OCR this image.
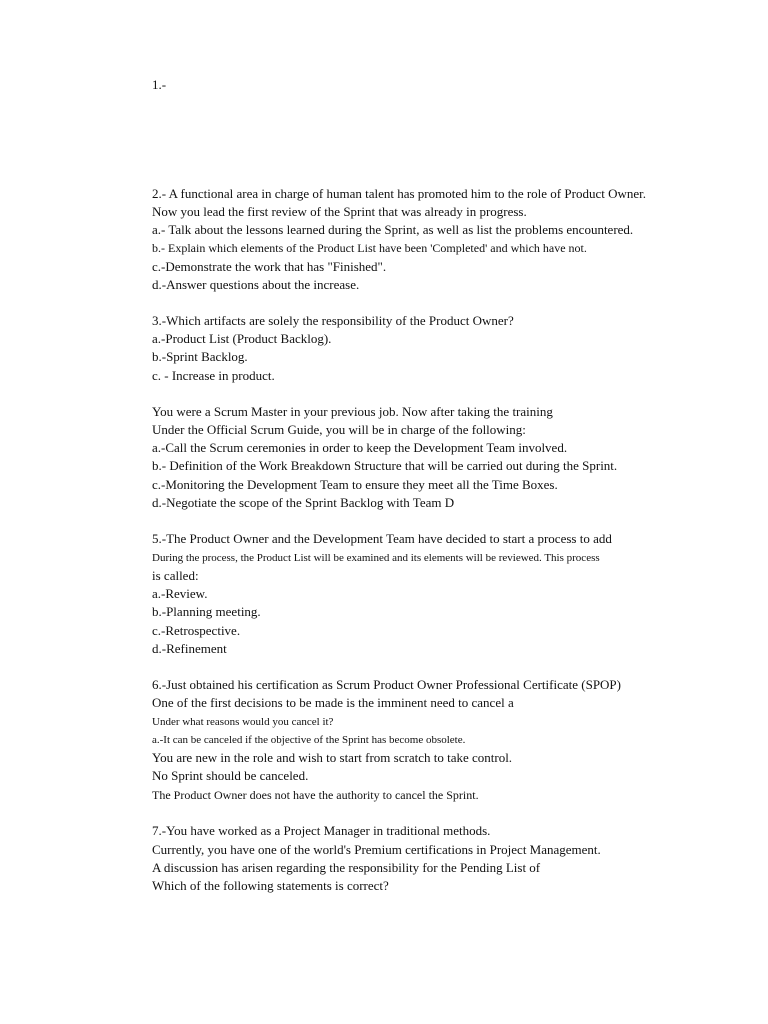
1.-
2.- A functional area in charge of human talent has promoted him to the role of Product Owner.
Now you lead the first review of the Sprint that was already in progress.
a.- Talk about the lessons learned during the Sprint, as well as list the problems encountered.
b.- Explain which elements of the Product List have been 'Completed' and which have not.
c.-Demonstrate the work that has "Finished".
d.-Answer questions about the increase.
3.-Which artifacts are solely the responsibility of the Product Owner?
a.-Product List (Product Backlog).
b.-Sprint Backlog.
c. - Increase in product.
You were a Scrum Master in your previous job. Now after taking the training
Under the Official Scrum Guide, you will be in charge of the following:
a.-Call the Scrum ceremonies in order to keep the Development Team involved.
b.- Definition of the Work Breakdown Structure that will be carried out during the Sprint.
c.-Monitoring the Development Team to ensure they meet all the Time Boxes.
d.-Negotiate the scope of the Sprint Backlog with Team D
5.-The Product Owner and the Development Team have decided to start a process to add
During the process, the Product List will be examined and its elements will be reviewed. This process
is called:
a.-Review.
b.-Planning meeting.
c.-Retrospective.
d.-Refinement
6.-Just obtained his certification as Scrum Product Owner Professional Certificate (SPOP)
One of the first decisions to be made is the imminent need to cancel a
Under what reasons would you cancel it?
a.-It can be canceled if the objective of the Sprint has become obsolete.
You are new in the role and wish to start from scratch to take control.
No Sprint should be canceled.
The Product Owner does not have the authority to cancel the Sprint.
7.-You have worked as a Project Manager in traditional methods.
Currently, you have one of the world's Premium certifications in Project Management.
A discussion has arisen regarding the responsibility for the Pending List of
Which of the following statements is correct?
